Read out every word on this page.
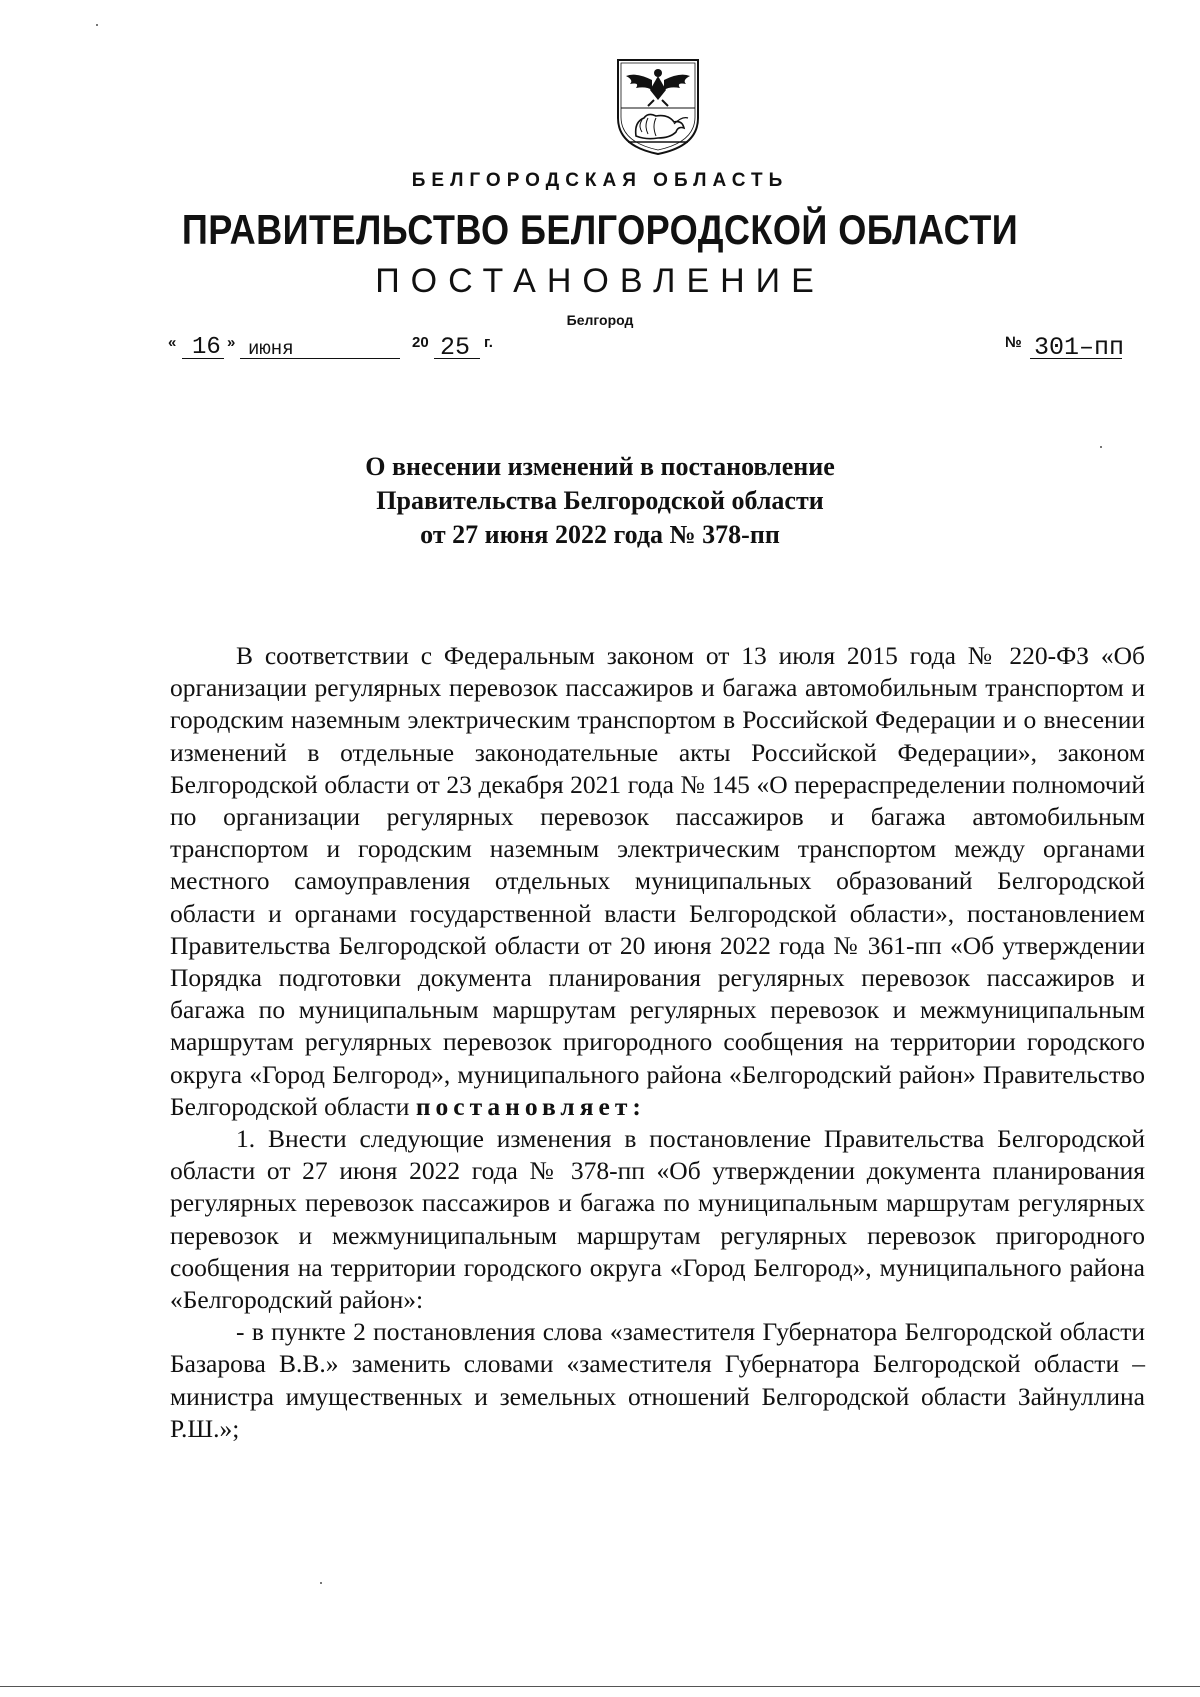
БЕЛГОРОДСКАЯ ОБЛАСТЬ
ПРАВИТЕЛЬСТВО БЕЛГОРОДСКОЙ ОБЛАСТИ
ПОСТАНОВЛЕНИЕ
Белгород
« 16 » июня	20 25 г.	№ 301–пп
О внесении изменений в постановление
Правительства Белгородской области
от 27 июня 2022 года № 378-пп

В соответствии с Федеральным законом от 13 июля 2015 года № 220-ФЗ «Об организации регулярных перевозок пассажиров и багажа автомобильным транспортом и городским наземным электрическим транспортом в Российской Федерации и о внесении изменений в отдельные законодательные акты Российской Федерации», законом Белгородской области от 23 декабря 2021 года № 145 «О перераспределении полномочий по организации регулярных перевозок пассажиров и багажа автомобильным транспортом и городским наземным электрическим транспортом между органами местного самоуправления отдельных муниципальных образований Белгородской области и органами государственной власти Белгородской области», постановлением Правительства Белгородской области от 20 июня 2022 года № 361-пп «Об утверждении Порядка подготовки документа планирования регулярных перевозок пассажиров и багажа по муниципальным маршрутам регулярных перевозок и межмуниципальным маршрутам регулярных перевозок пригородного сообщения на территории городского округа «Город Белгород», муниципального района «Белгородский район» Правительство Белгородской области постановляет:

1. Внести следующие изменения в постановление Правительства Белгородской области от 27 июня 2022 года № 378-пп «Об утверждении документа планирования регулярных перевозок пассажиров и багажа по муниципальным маршрутам регулярных перевозок и межмуниципальным маршрутам регулярных перевозок пригородного сообщения на территории городского округа «Город Белгород», муниципального района «Белгородский район»:

- в пункте 2 постановления слова «заместителя Губернатора Белгородской области Базарова В.В.» заменить словами «заместителя Губернатора Белгородской области – министра имущественных и земельных отношений Белгородской области Зайнуллина Р.Ш.»;
